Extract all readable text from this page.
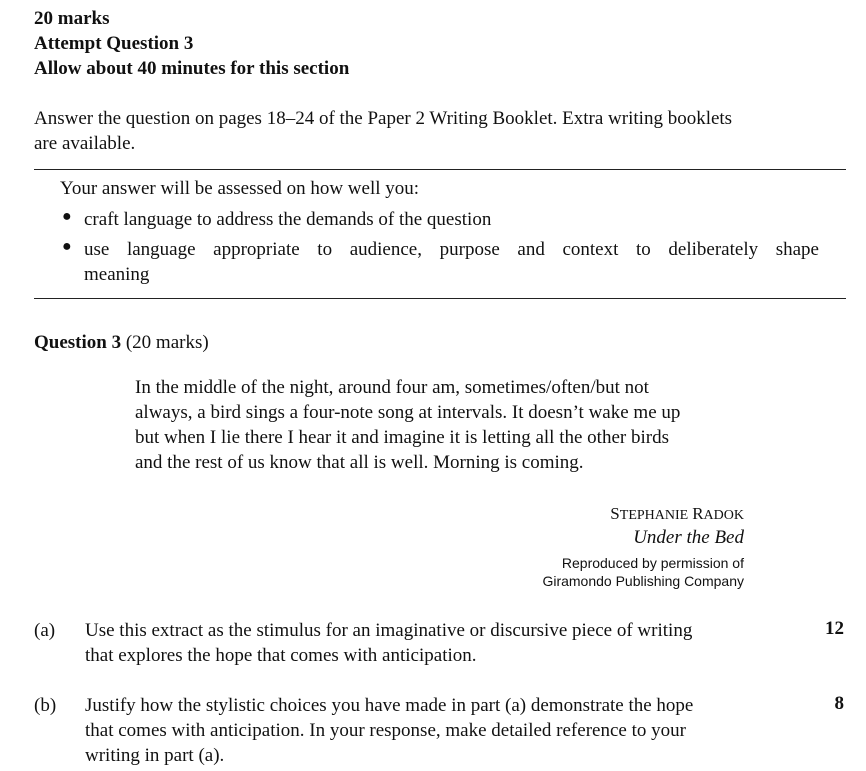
20 marks
Attempt Question 3
Allow about 40 minutes for this section
Answer the question on pages 18–24 of the Paper 2 Writing Booklet. Extra writing booklets
are available.
Your answer will be assessed on how well you:
● craft language to address the demands of the question
● use language appropriate to audience, purpose and context to deliberately shape
meaning
Question 3 (20 marks)
In the middle of the night, around four am, sometimes/often/but not
always, a bird sings a four-note song at intervals. It doesn’t wake me up
but when I lie there I hear it and imagine it is letting all the other birds
and the rest of us know that all is well. Morning is coming.
STEPHANIE RADOK
Under the Bed
Reproduced by permission of
Giramondo Publishing Company
(a) Use this extract as the stimulus for an imaginative or discursive piece of writing
that explores the hope that comes with anticipation.
12
(b) Justify how the stylistic choices you have made in part (a) demonstrate the hope
that comes with anticipation. In your response, make detailed reference to your
writing in part (a).
8
